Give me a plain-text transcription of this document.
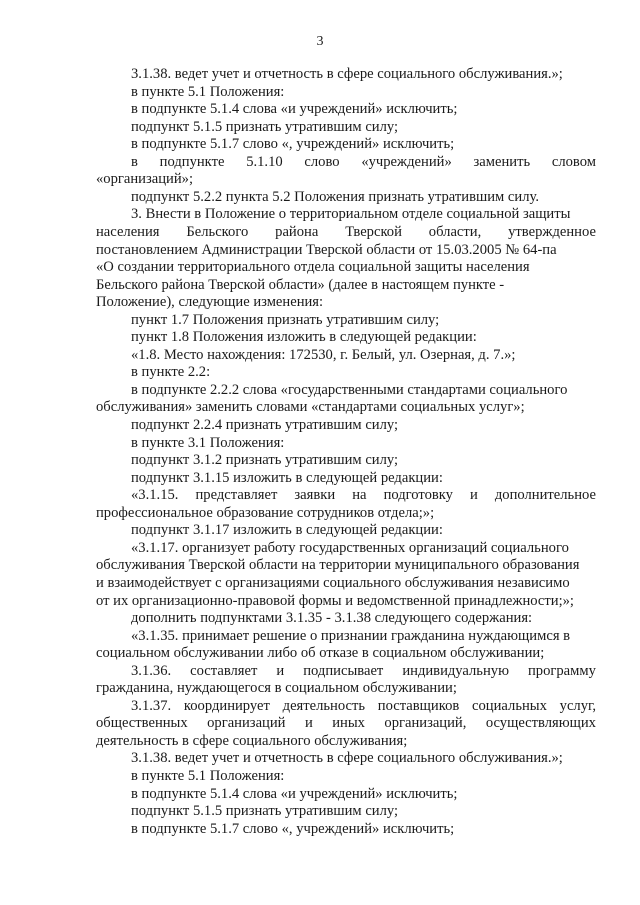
3
3.1.38. ведет учет и отчетность в сфере социального обслуживания.»;
в пункте 5.1 Положения:
в подпункте 5.1.4 слова «и учреждений» исключить;
подпункт 5.1.5 признать утратившим силу;
в подпункте 5.1.7 слово «, учреждений» исключить;
в подпункте 5.1.10 слово «учреждений» заменить словом
«организаций»;
подпункт 5.2.2 пункта 5.2 Положения признать утратившим силу.
3. Внести в Положение о территориальном отделе социальной защиты
населения Бельского района Тверской области, утвержденное
постановлением Администрации Тверской области от 15.03.2005 № 64-па
«О создании территориального отдела социальной защиты населения
Бельского района Тверской области» (далее в настоящем пункте -
Положение), следующие изменения:
пункт 1.7 Положения признать утратившим силу;
пункт 1.8 Положения изложить в следующей редакции:
«1.8. Место нахождения: 172530, г. Белый, ул. Озерная, д. 7.»;
в пункте 2.2:
в подпункте 2.2.2 слова «государственными стандартами социального
обслуживания» заменить словами «стандартами социальных услуг»;
подпункт 2.2.4 признать утратившим силу;
в пункте 3.1 Положения:
подпункт 3.1.2 признать утратившим силу;
подпункт 3.1.15 изложить в следующей редакции:
«3.1.15. представляет заявки на подготовку и дополнительное
профессиональное образование сотрудников отдела;»;
подпункт 3.1.17 изложить в следующей редакции:
«3.1.17. организует работу государственных организаций социального
обслуживания Тверской области на территории муниципального образования
и взаимодействует с организациями социального обслуживания независимо
от их организационно-правовой формы и ведомственной принадлежности;»;
дополнить подпунктами 3.1.35 - 3.1.38 следующего содержания:
«3.1.35. принимает решение о признании гражданина нуждающимся в
социальном обслуживании либо об отказе в социальном обслуживании;
3.1.36. составляет и подписывает индивидуальную программу
гражданина, нуждающегося в социальном обслуживании;
3.1.37. координирует деятельность поставщиков социальных услуг,
общественных организаций и иных организаций, осуществляющих
деятельность в сфере социального обслуживания;
3.1.38. ведет учет и отчетность в сфере социального обслуживания.»;
в пункте 5.1 Положения:
в подпункте 5.1.4 слова «и учреждений» исключить;
подпункт 5.1.5 признать утратившим силу;
в подпункте 5.1.7 слово «, учреждений» исключить;
